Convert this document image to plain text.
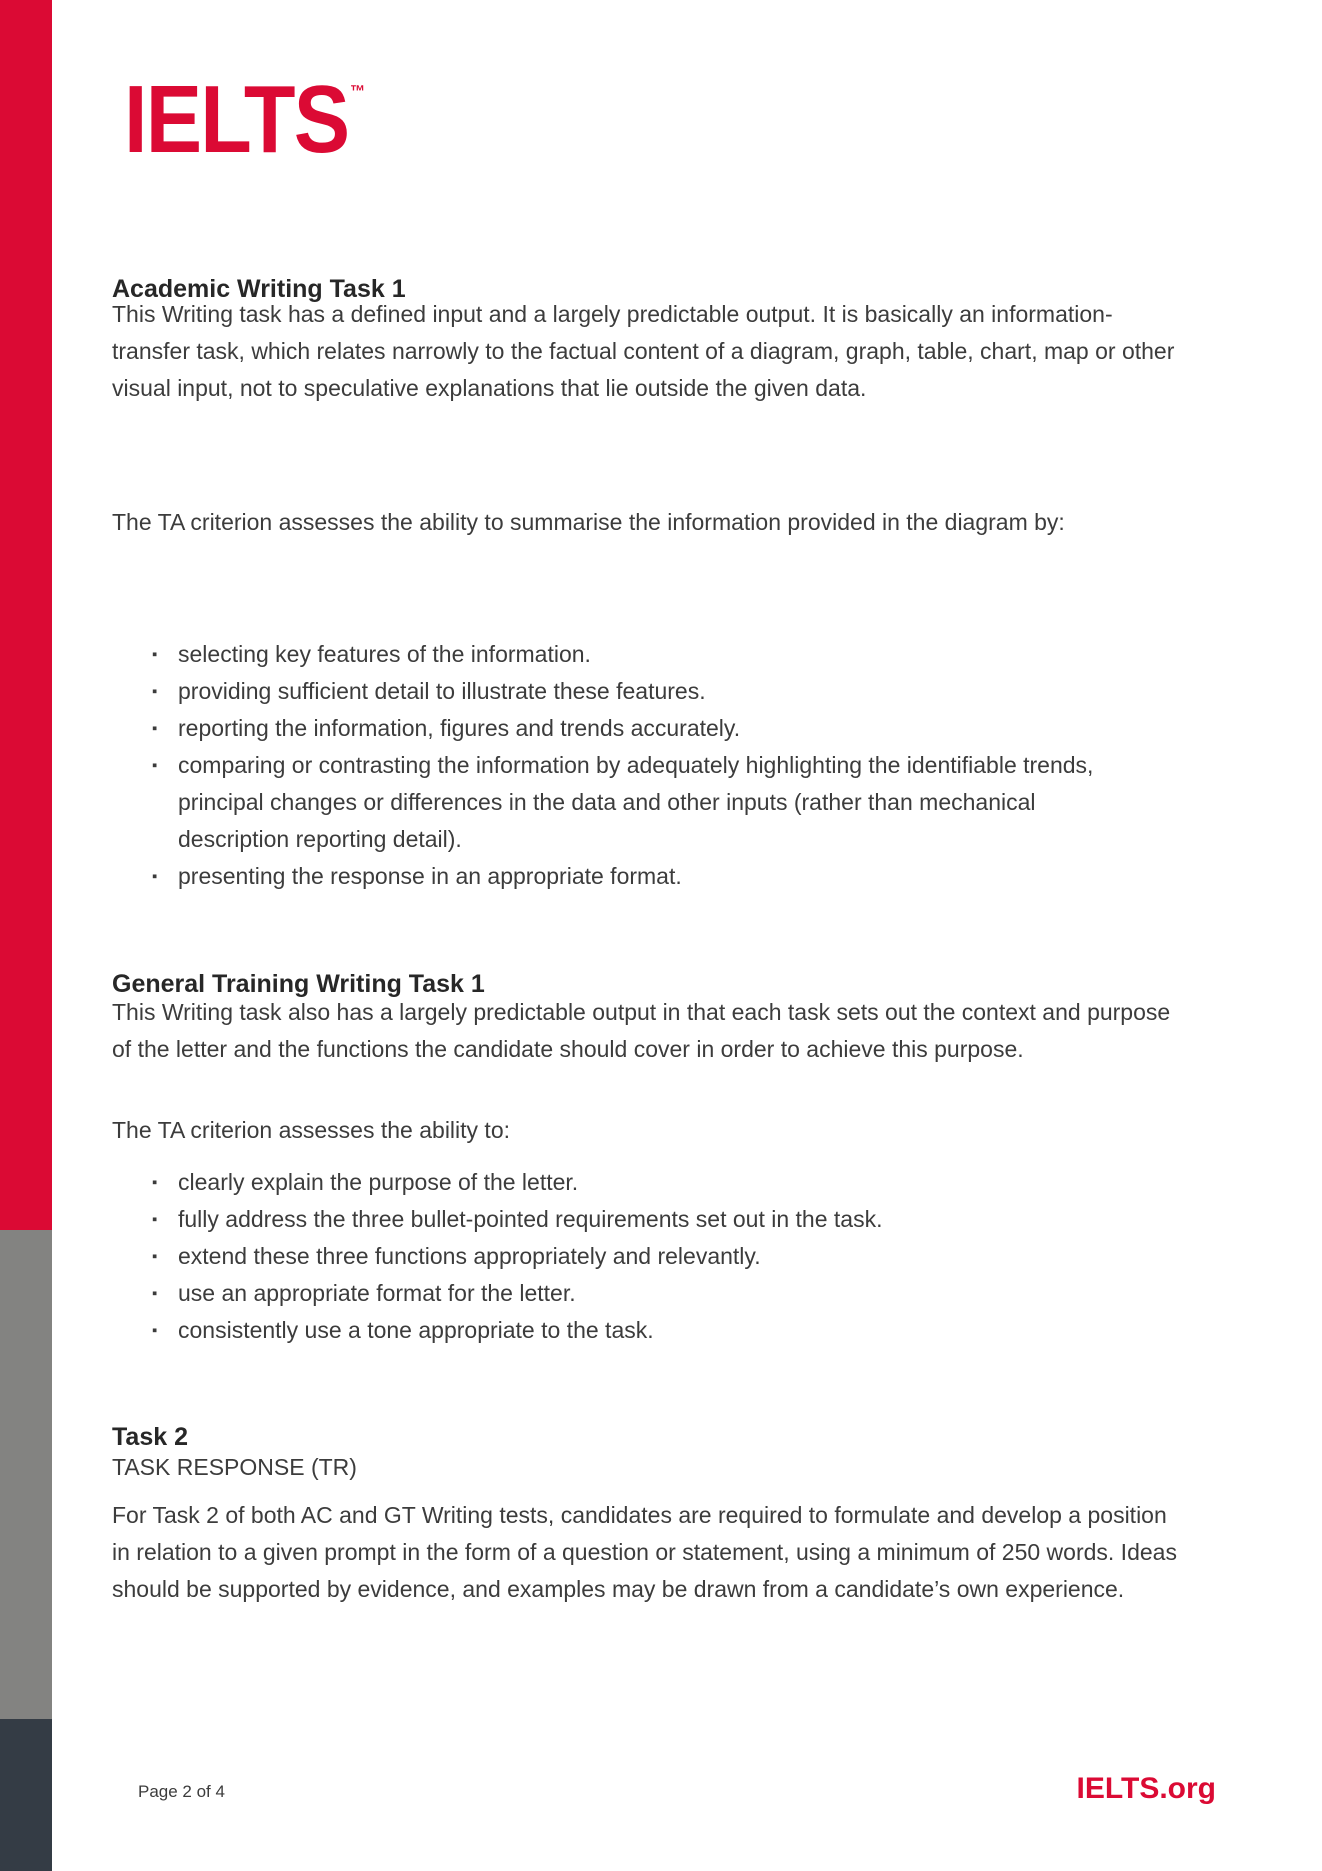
IELTS ™
Academic Writing Task 1

This Writing task has a defined input and a largely predictable output. It is basically an information-transfer task, which relates narrowly to the factual content of a diagram, graph, table, chart, map or other visual input, not to speculative explanations that lie outside the given data.

The TA criterion assesses the ability to summarise the information provided in the diagram by:

▪ selecting key features of the information.
▪ providing sufficient detail to illustrate these features.
▪ reporting the information, figures and trends accurately.
▪ comparing or contrasting the information by adequately highlighting the identifiable trends, principal changes or differences in the data and other inputs (rather than mechanical description reporting detail).
▪ presenting the response in an appropriate format.
General Training Writing Task 1

This Writing task also has a largely predictable output in that each task sets out the context and purpose of the letter and the functions the candidate should cover in order to achieve this purpose.

The TA criterion assesses the ability to:

▪ clearly explain the purpose of the letter.
▪ fully address the three bullet-pointed requirements set out in the task.
▪ extend these three functions appropriately and relevantly.
▪ use an appropriate format for the letter.
▪ consistently use a tone appropriate to the task.
Task 2

TASK RESPONSE (TR)

For Task 2 of both AC and GT Writing tests, candidates are required to formulate and develop a position in relation to a given prompt in the form of a question or statement, using a minimum of 250 words. Ideas should be supported by evidence, and examples may be drawn from a candidate’s own experience.

Page 2 of 4	IELTS.org
